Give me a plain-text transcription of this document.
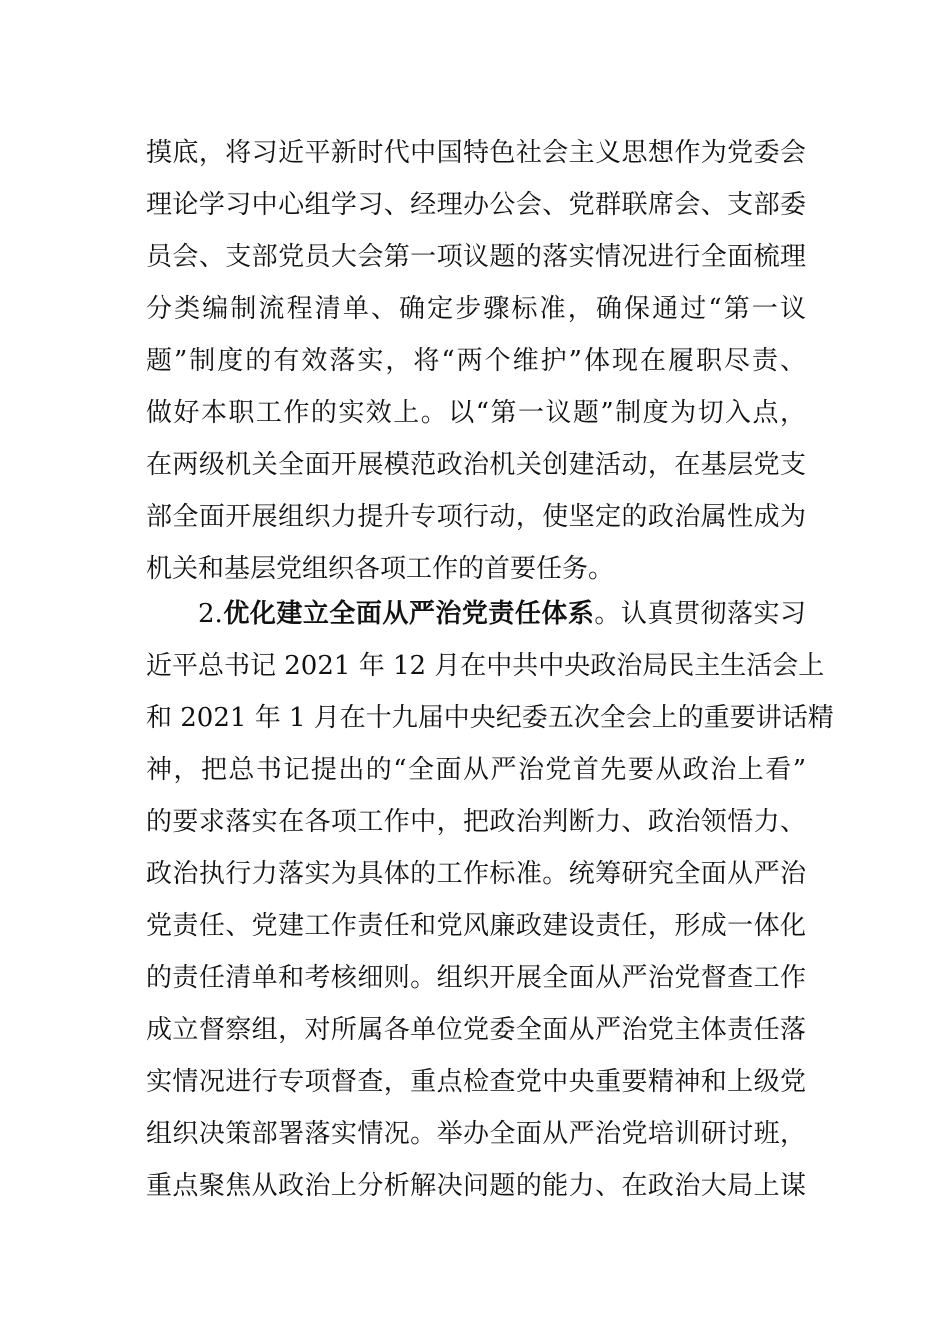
摸底，将习近平新时代中国特色社会主义思想作为党委会
理论学习中心组学习、经理办公会、党群联席会、支部委
员会、支部党员大会第一项议题的落实情况进行全面梳理
分类编制流程清单、确定步骤标准，确保通过“第一议
题”制度的有效落实，将“两个维护”体现在履职尽责、
做好本职工作的实效上。以“第一议题”制度为切入点，
在两级机关全面开展模范政治机关创建活动，在基层党支
部全面开展组织力提升专项行动，使坚定的政治属性成为
机关和基层党组织各项工作的首要任务。
2.优化建立全面从严治党责任体系。认真贯彻落实习
近平总书记 2021 年 12 月在中共中央政治局民主生活会上
和 2021 年 1 月在十九届中央纪委五次全会上的重要讲话精
神，把总书记提出的“全面从严治党首先要从政治上看”
的要求落实在各项工作中，把政治判断力、政治领悟力、
政治执行力落实为具体的工作标准。统筹研究全面从严治
党责任、党建工作责任和党风廉政建设责任，形成一体化
的责任清单和考核细则。组织开展全面从严治党督查工作
成立督察组，对所属各单位党委全面从严治党主体责任落
实情况进行专项督查，重点检查党中央重要精神和上级党
组织决策部署落实情况。举办全面从严治党培训研讨班，
重点聚焦从政治上分析解决问题的能力、在政治大局上谋
